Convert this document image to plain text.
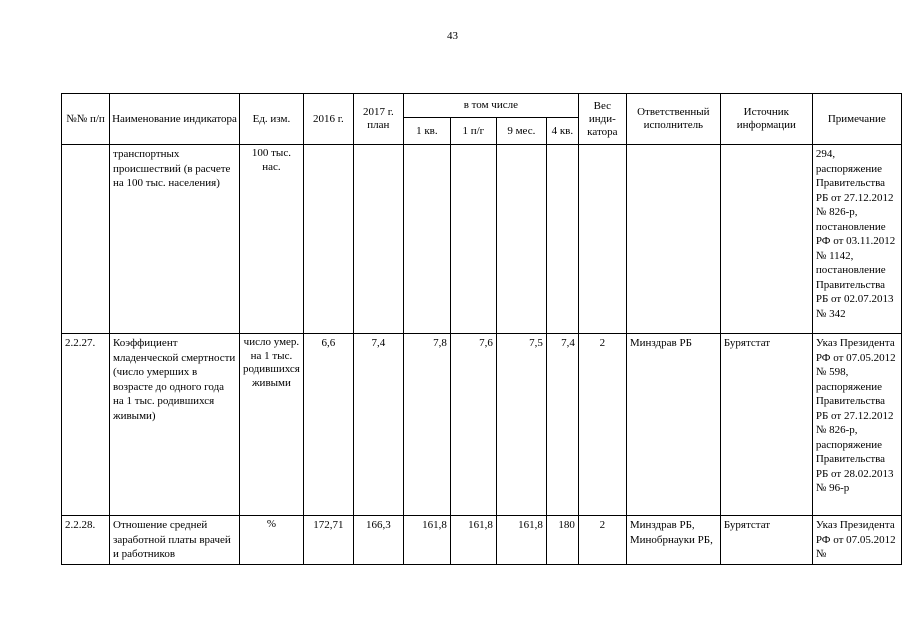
43
№№ п/п	Наименование индикатора	Ед. изм.	2016 г.	2017 г. план	в том числе				Вес инди-катора	Ответственный исполнитель	Источник информации	Примечание
					1 кв.	1 п/г	9 мес.	4 кв.				
	транспортных происшествий (в расчете на 100 тыс. населения)	100 тыс. нас.										294, распоряжение Правительства РБ от 27.12.2012 № 826-р, постановление РФ от 03.11.2012 № 1142, постановление Правительства РБ от 02.07.2013 № 342
2.2.27.	Коэффициент младенческой смертности (число умерших в возрасте до одного года на 1 тыс. родившихся живыми)	число умер. на 1 тыс. родившихся живыми	6,6	7,4	7,8	7,6	7,5	7,4	2	Минздрав РБ	Бурятстат	Указ Президента РФ от 07.05.2012 № 598, распоряжение Правительства РБ от 27.12.2012 № 826-р, распоряжение Правительства РБ от 28.02.2013 № 96-р
2.2.28.	Отношение средней заработной платы врачей и работников	%	172,71	166,3	161,8	161,8	161,8	180	2	Минздрав РБ, Минобрнауки РБ,	Бурятстат	Указ Президента РФ от 07.05.2012 №
